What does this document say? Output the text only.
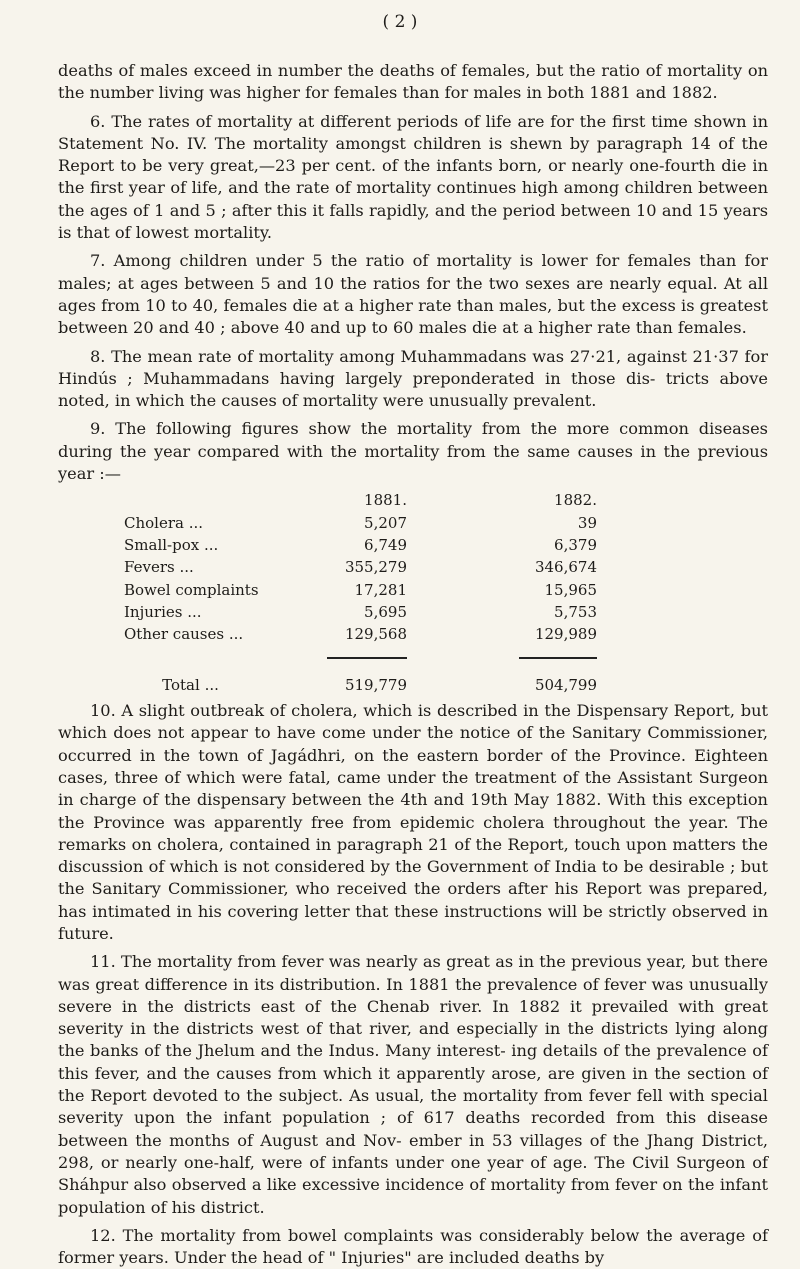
( 2 )

deaths of males exceed in number the deaths of females, but the ratio of mortality on the number living was higher for females than for males in both 1881 and 1882.

6. The rates of mortality at different periods of life are for the first time shown in Statement No. IV. The mortality amongst children is shewn by paragraph 14 of the Report to be very great,—23 per cent. of the infants born, or nearly one-fourth die in the first year of life, and the rate of mortality continues high among children between the ages of 1 and 5 ; after this it falls rapidly, and the period between 10 and 15 years is that of lowest mortality.

7. Among children under 5 the ratio of mortality is lower for females than for males; at ages between 5 and 10 the ratios for the two sexes are nearly equal. At all ages from 10 to 40, females die at a higher rate than males, but the excess is greatest between 20 and 40 ; above 40 and up to 60 males die at a higher rate than females.

8. The mean rate of mortality among Muhammadans was 27·21, against 21·37 for Hindús ; Muhammadans having largely preponderated in those dis- tricts above noted, in which the causes of mortality were unusually prevalent.

9. The following figures show the mortality from the more common diseases during the year compared with the mortality from the same causes in the previous year :—

		1881.	1882.
Cholera ...		5,207	39
Small-pox ...		6,749	6,379
Fevers ...		355,279	346,674
Bowel complaints		17,281	15,965
Injuries ...		5,695	5,753
Other causes ...		129,568	129,989

Total ...		519,779	504,799

10. A slight outbreak of cholera, which is described in the Dispensary Report, but which does not appear to have come under the notice of the Sanitary Commissioner, occurred in the town of Jagádhri, on the eastern border of the Province. Eighteen cases, three of which were fatal, came under the treatment of the Assistant Surgeon in charge of the dispensary between the 4th and 19th May 1882. With this exception the Province was apparently free from epidemic cholera throughout the year. The remarks on cholera, contained in paragraph 21 of the Report, touch upon matters the discussion of which is not considered by the Government of India to be desirable ; but the Sanitary Commissioner, who received the orders after his Report was prepared, has intimated in his covering letter that these instructions will be strictly observed in future.

11. The mortality from fever was nearly as great as in the previous year, but there was great difference in its distribution. In 1881 the prevalence of fever was unusually severe in the districts east of the Chenab river. In 1882 it prevailed with great severity in the districts west of that river, and especially in the districts lying along the banks of the Jhelum and the Indus. Many interest- ing details of the prevalence of this fever, and the causes from which it apparently arose, are given in the section of the Report devoted to the subject. As usual, the mortality from fever fell with special severity upon the infant population ; of 617 deaths recorded from this disease between the months of August and Nov- ember in 53 villages of the Jhang District, 298, or nearly one-half, were of infants under one year of age. The Civil Surgeon of Sháhpur also observed a like excessive incidence of mortality from fever on the infant population of his district.

12. The mortality from bowel complaints was considerably below the average of former years. Under the head of " Injuries" are included deaths by
